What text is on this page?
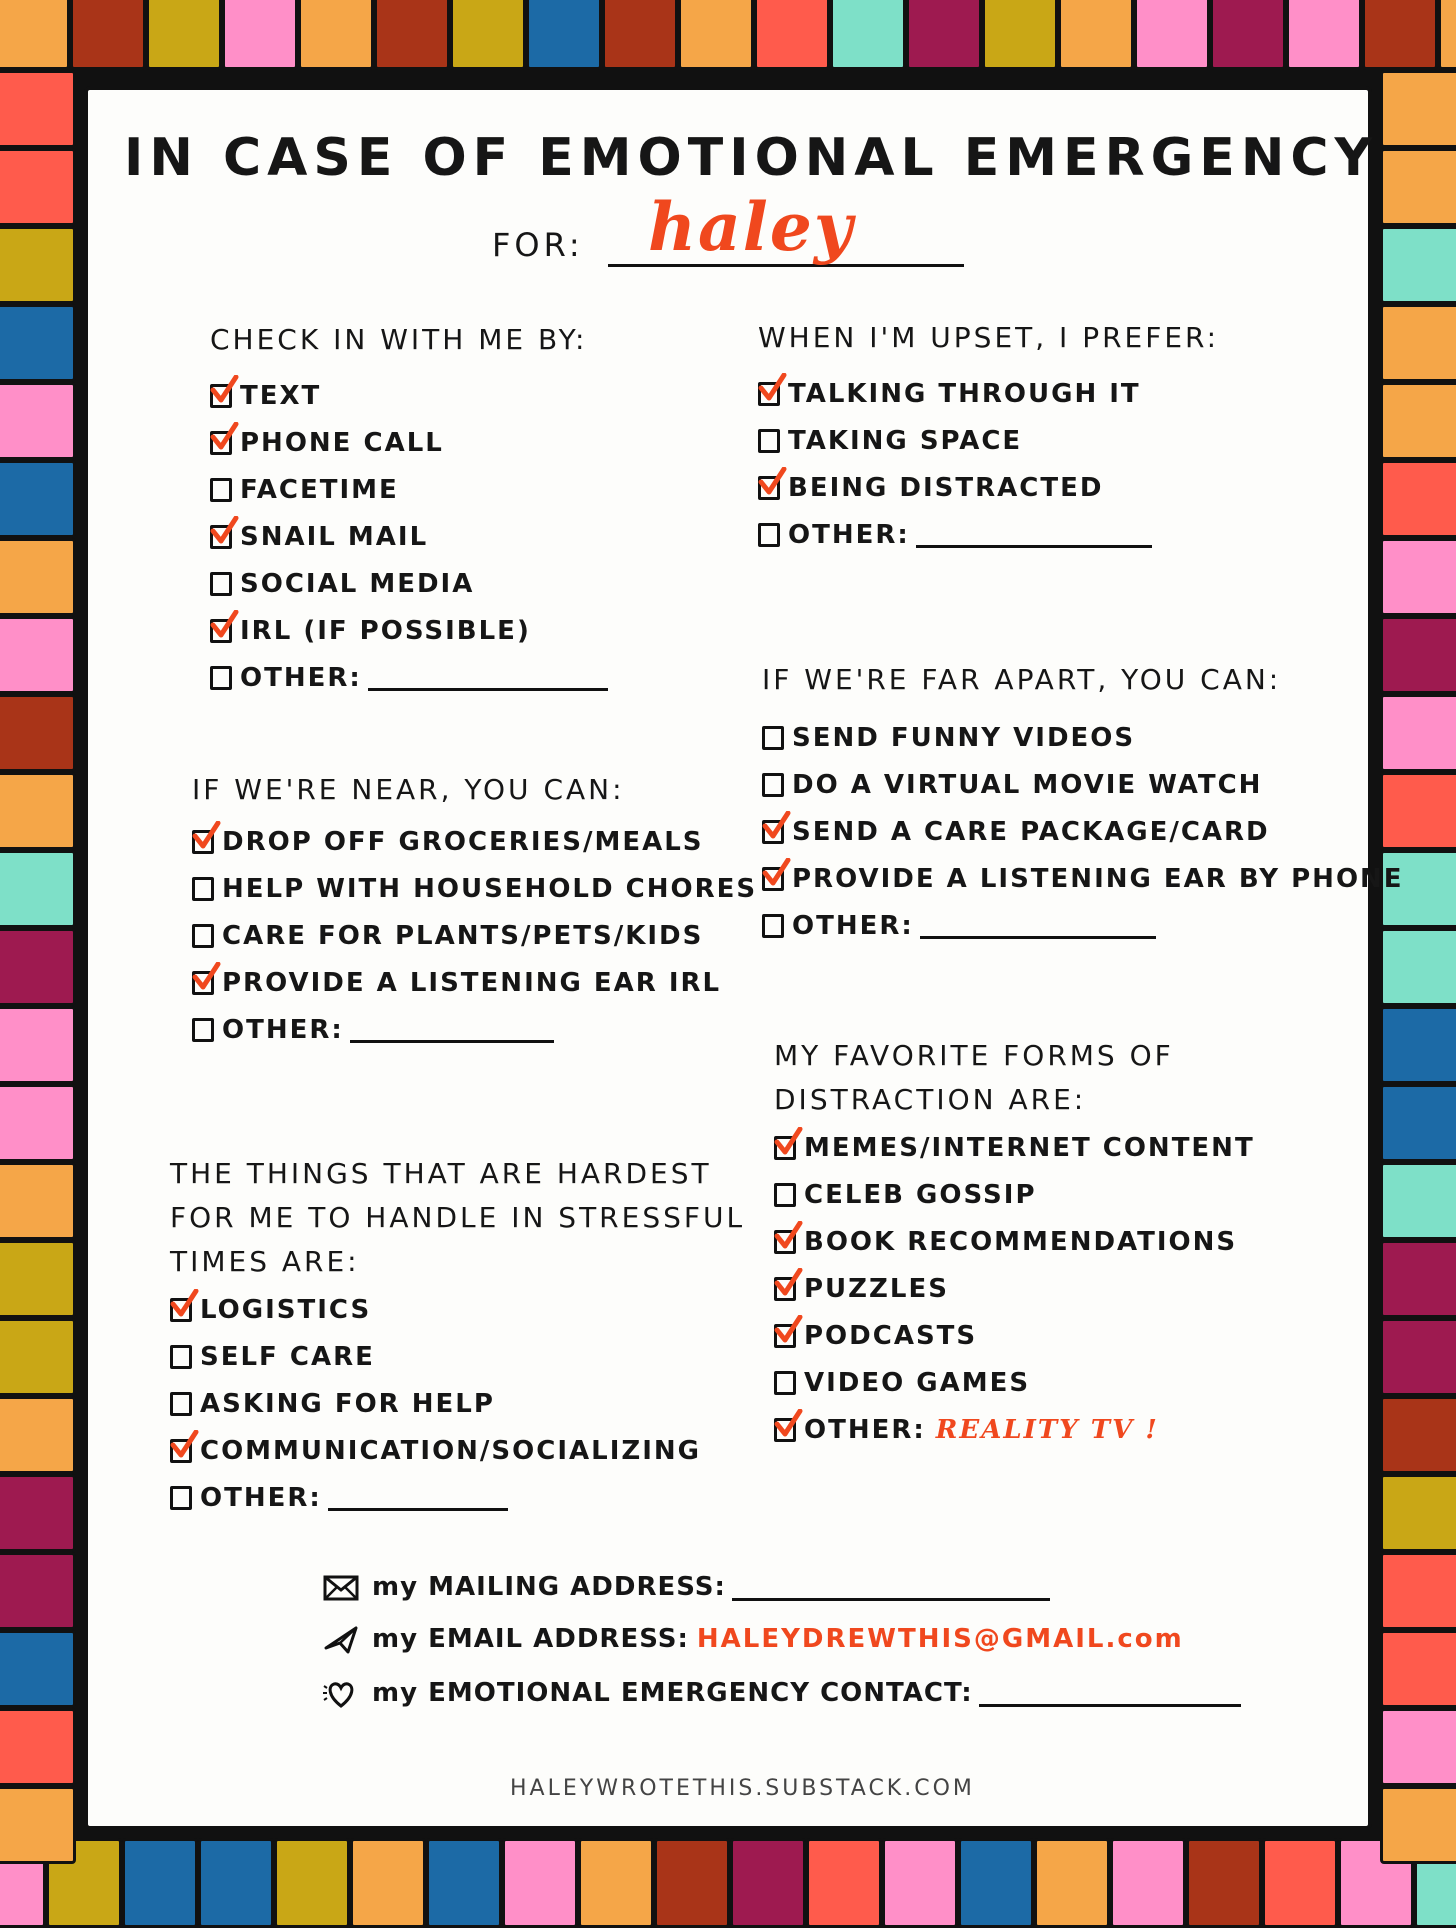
IN CASE OF EMOTIONAL EMERGENCY
FOR: haley
CHECK IN WITH ME BY:
TEXT
PHONE CALL
FACETIME
SNAIL MAIL
SOCIAL MEDIA
IRL (IF POSSIBLE)
OTHER:
WHEN I'M UPSET, I PREFER:
TALKING THROUGH IT
TAKING SPACE
BEING DISTRACTED
OTHER:
IF WE'RE NEAR, YOU CAN:
DROP OFF GROCERIES/MEALS
HELP WITH HOUSEHOLD CHORES
CARE FOR PLANTS/PETS/KIDS
PROVIDE A LISTENING EAR IRL
OTHER:
IF WE'RE FAR APART, YOU CAN:
SEND FUNNY VIDEOS
DO A VIRTUAL MOVIE WATCH
SEND A CARE PACKAGE/CARD
PROVIDE A LISTENING EAR BY PHONE
OTHER:
MY FAVORITE FORMS OF
DISTRACTION ARE:
MEMES/INTERNET CONTENT
CELEB GOSSIP
BOOK RECOMMENDATIONS
PUZZLES
PODCASTS
VIDEO GAMES
OTHER: REALITY TV !
THE THINGS THAT ARE HARDEST
FOR ME TO HANDLE IN STRESSFUL
TIMES ARE:
LOGISTICS
SELF CARE
ASKING FOR HELP
COMMUNICATION/SOCIALIZING
OTHER:
my MAILING ADDRESS:
my EMAIL ADDRESS: HALEYDREWTHIS@GMAIL.com
my EMOTIONAL EMERGENCY CONTACT:
HALEYWROTETHIS.SUBSTACK.COM
